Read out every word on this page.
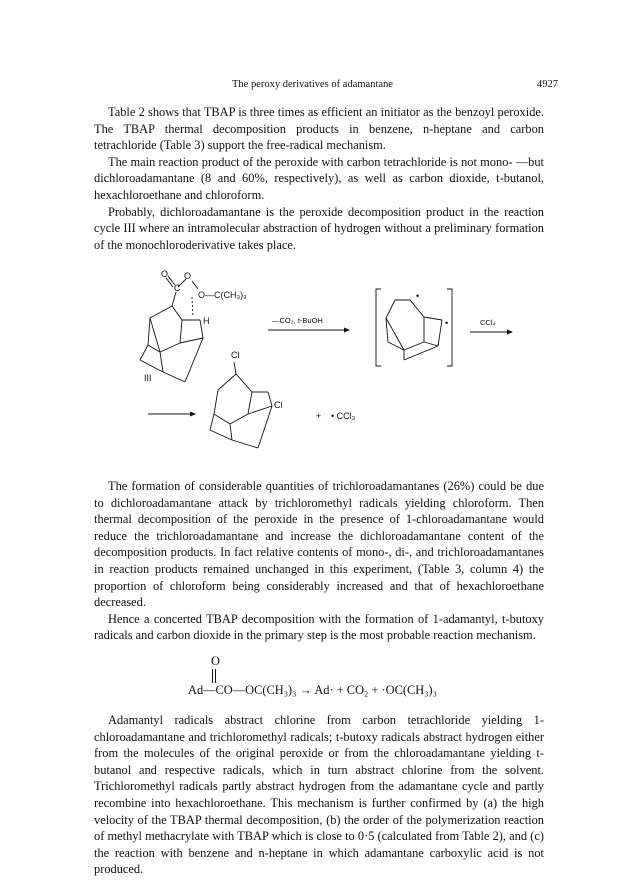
The peroxy derivatives of adamantane	4927

Table 2 shows that TBAP is three times as efficient an initiator as the benzoyl peroxide. The TBAP thermal decomposition products in benzene, n-heptane and carbon tetrachloride (Table 3) support the free-radical mechanism.

The main reaction product of the peroxide with carbon tetrachloride is not mono- —but dichloroadamantane (8 and 60%, respectively), as well as carbon dioxide, t-butanol, hexachloroethane and chloroform.

Probably, dichloroadamantane is the peroxide decomposition product in the reaction cycle III where an intramolecular abstraction of hydrogen without a preliminary formation of the monochloroderivative takes place.

O
C
O
O—C(CH₃)₃
H	—CO₂, t-BuOH
•
•	CCl₄
III
Cl
Cl
+ • CCl₃

The formation of considerable quantities of trichloroadamantanes (26%) could be due to dichloroadamantane attack by trichloromethyl radicals yielding chloroform. Then thermal decomposition of the peroxide in the presence of 1-chloroadamantane would reduce the trichloroadamantane and increase the dichloroadamantane content of the decomposition products. In fact relative contents of mono-, di-, and trichloroadamantanes in reaction products remained unchanged in this experiment, (Table 3, column 4) the proportion of chloroform being considerably increased and that of hexachloroethane decreased.

Hence a concerted TBAP decomposition with the formation of 1-adamantyl, t-butoxy radicals and carbon dioxide in the primary step is the most probable reaction mechanism.

O
Ad—CO—OC(CH₃)₃ → Ad· + CO₂ + ·OC(CH₃)₃

Adamantyl radicals abstract chlorine from carbon tetrachloride yielding 1-chloroadamantane and trichloromethyl radicals; t-butoxy radicals abstract hydrogen either from the molecules of the original peroxide or from the chloroadamantane yielding t-butanol and respective radicals, which in turn abstract chlorine from the solvent. Trichloromethyl radicals partly abstract hydrogen from the adamantane cycle and partly recombine into hexachloroethane. This mechanism is further confirmed by (a) the high velocity of the TBAP thermal decomposition, (b) the order of the polymerization reaction of methyl methacrylate with TBAP which is close to 0·5 (calculated from Table 2), and (c) the reaction with benzene and n-heptane in which adamantane carboxylic acid is not produced.
